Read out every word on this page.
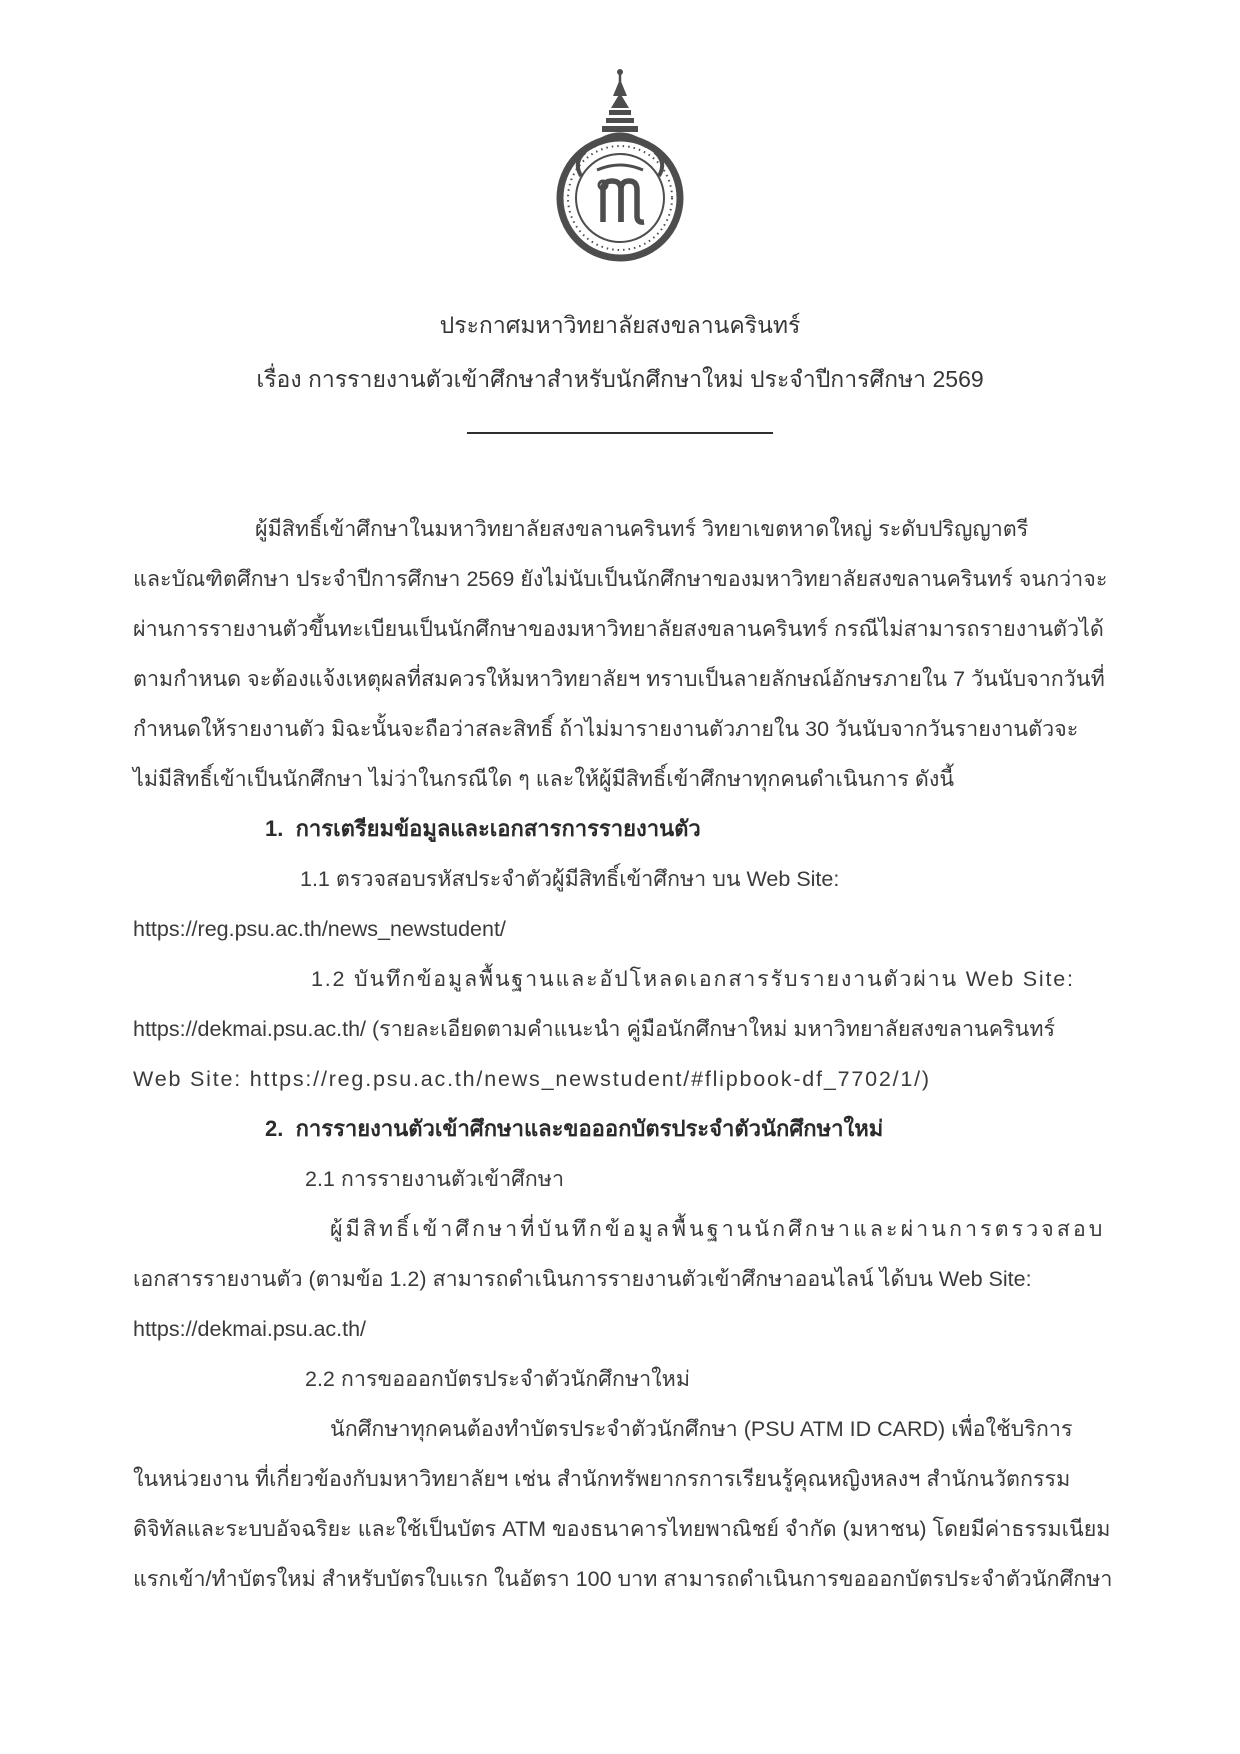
ประกาศมหาวิทยาลัยสงขลานครินทร์
เรื่อง การรายงานตัวเข้าศึกษาสำหรับนักศึกษาใหม่ ประจำปีการศึกษา 2569
ผู้มีสิทธิ์เข้าศึกษาในมหาวิทยาลัยสงขลานครินทร์ วิทยาเขตหาดใหญ่ ระดับปริญญาตรี
และบัณฑิตศึกษา ประจำปีการศึกษา 2569 ยังไม่นับเป็นนักศึกษาของมหาวิทยาลัยสงขลานครินทร์ จนกว่าจะ
ผ่านการรายงานตัวขึ้นทะเบียนเป็นนักศึกษาของมหาวิทยาลัยสงขลานครินทร์ กรณีไม่สามารถรายงานตัวได้
ตามกำหนด จะต้องแจ้งเหตุผลที่สมควรให้มหาวิทยาลัยฯ ทราบเป็นลายลักษณ์อักษรภายใน 7 วันนับจากวันที่
กำหนดให้รายงานตัว มิฉะนั้นจะถือว่าสละสิทธิ์ ถ้าไม่มารายงานตัวภายใน 30 วันนับจากวันรายงานตัวจะ
ไม่มีสิทธิ์เข้าเป็นนักศึกษา ไม่ว่าในกรณีใด ๆ และให้ผู้มีสิทธิ์เข้าศึกษาทุกคนดำเนินการ ดังนี้
1.  การเตรียมข้อมูลและเอกสารการรายงานตัว
1.1 ตรวจสอบรหัสประจำตัวผู้มีสิทธิ์เข้าศึกษา บน Web Site:
https://reg.psu.ac.th/news_newstudent/
1.2 บันทึกข้อมูลพื้นฐานและอัปโหลดเอกสารรับรายงานตัวผ่าน Web Site:
https://dekmai.psu.ac.th/ (รายละเอียดตามคำแนะนำ คู่มือนักศึกษาใหม่ มหาวิทยาลัยสงขลานครินทร์
Web Site: https://reg.psu.ac.th/news_newstudent/#flipbook-df_7702/1/)
2.  การรายงานตัวเข้าศึกษาและขอออกบัตรประจำตัวนักศึกษาใหม่
2.1 การรายงานตัวเข้าศึกษา
ผู้มีสิทธิ์เข้าศึกษาที่บันทึกข้อมูลพื้นฐานนักศึกษาและผ่านการตรวจสอบ
เอกสารรายงานตัว (ตามข้อ 1.2) สามารถดำเนินการรายงานตัวเข้าศึกษาออนไลน์ ได้บน Web Site:
https://dekmai.psu.ac.th/
2.2 การขอออกบัตรประจำตัวนักศึกษาใหม่
นักศึกษาทุกคนต้องทำบัตรประจำตัวนักศึกษา (PSU ATM ID CARD) เพื่อใช้บริการ
ในหน่วยงาน ที่เกี่ยวข้องกับมหาวิทยาลัยฯ เช่น สำนักทรัพยากรการเรียนรู้คุณหญิงหลงฯ สำนักนวัตกรรม
ดิจิทัลและระบบอัจฉริยะ และใช้เป็นบัตร ATM ของธนาคารไทยพาณิชย์ จำกัด (มหาชน) โดยมีค่าธรรมเนียม
แรกเข้า/ทำบัตรใหม่ สำหรับบัตรใบแรก ในอัตรา 100 บาท สามารถดำเนินการขอออกบัตรประจำตัวนักศึกษา
